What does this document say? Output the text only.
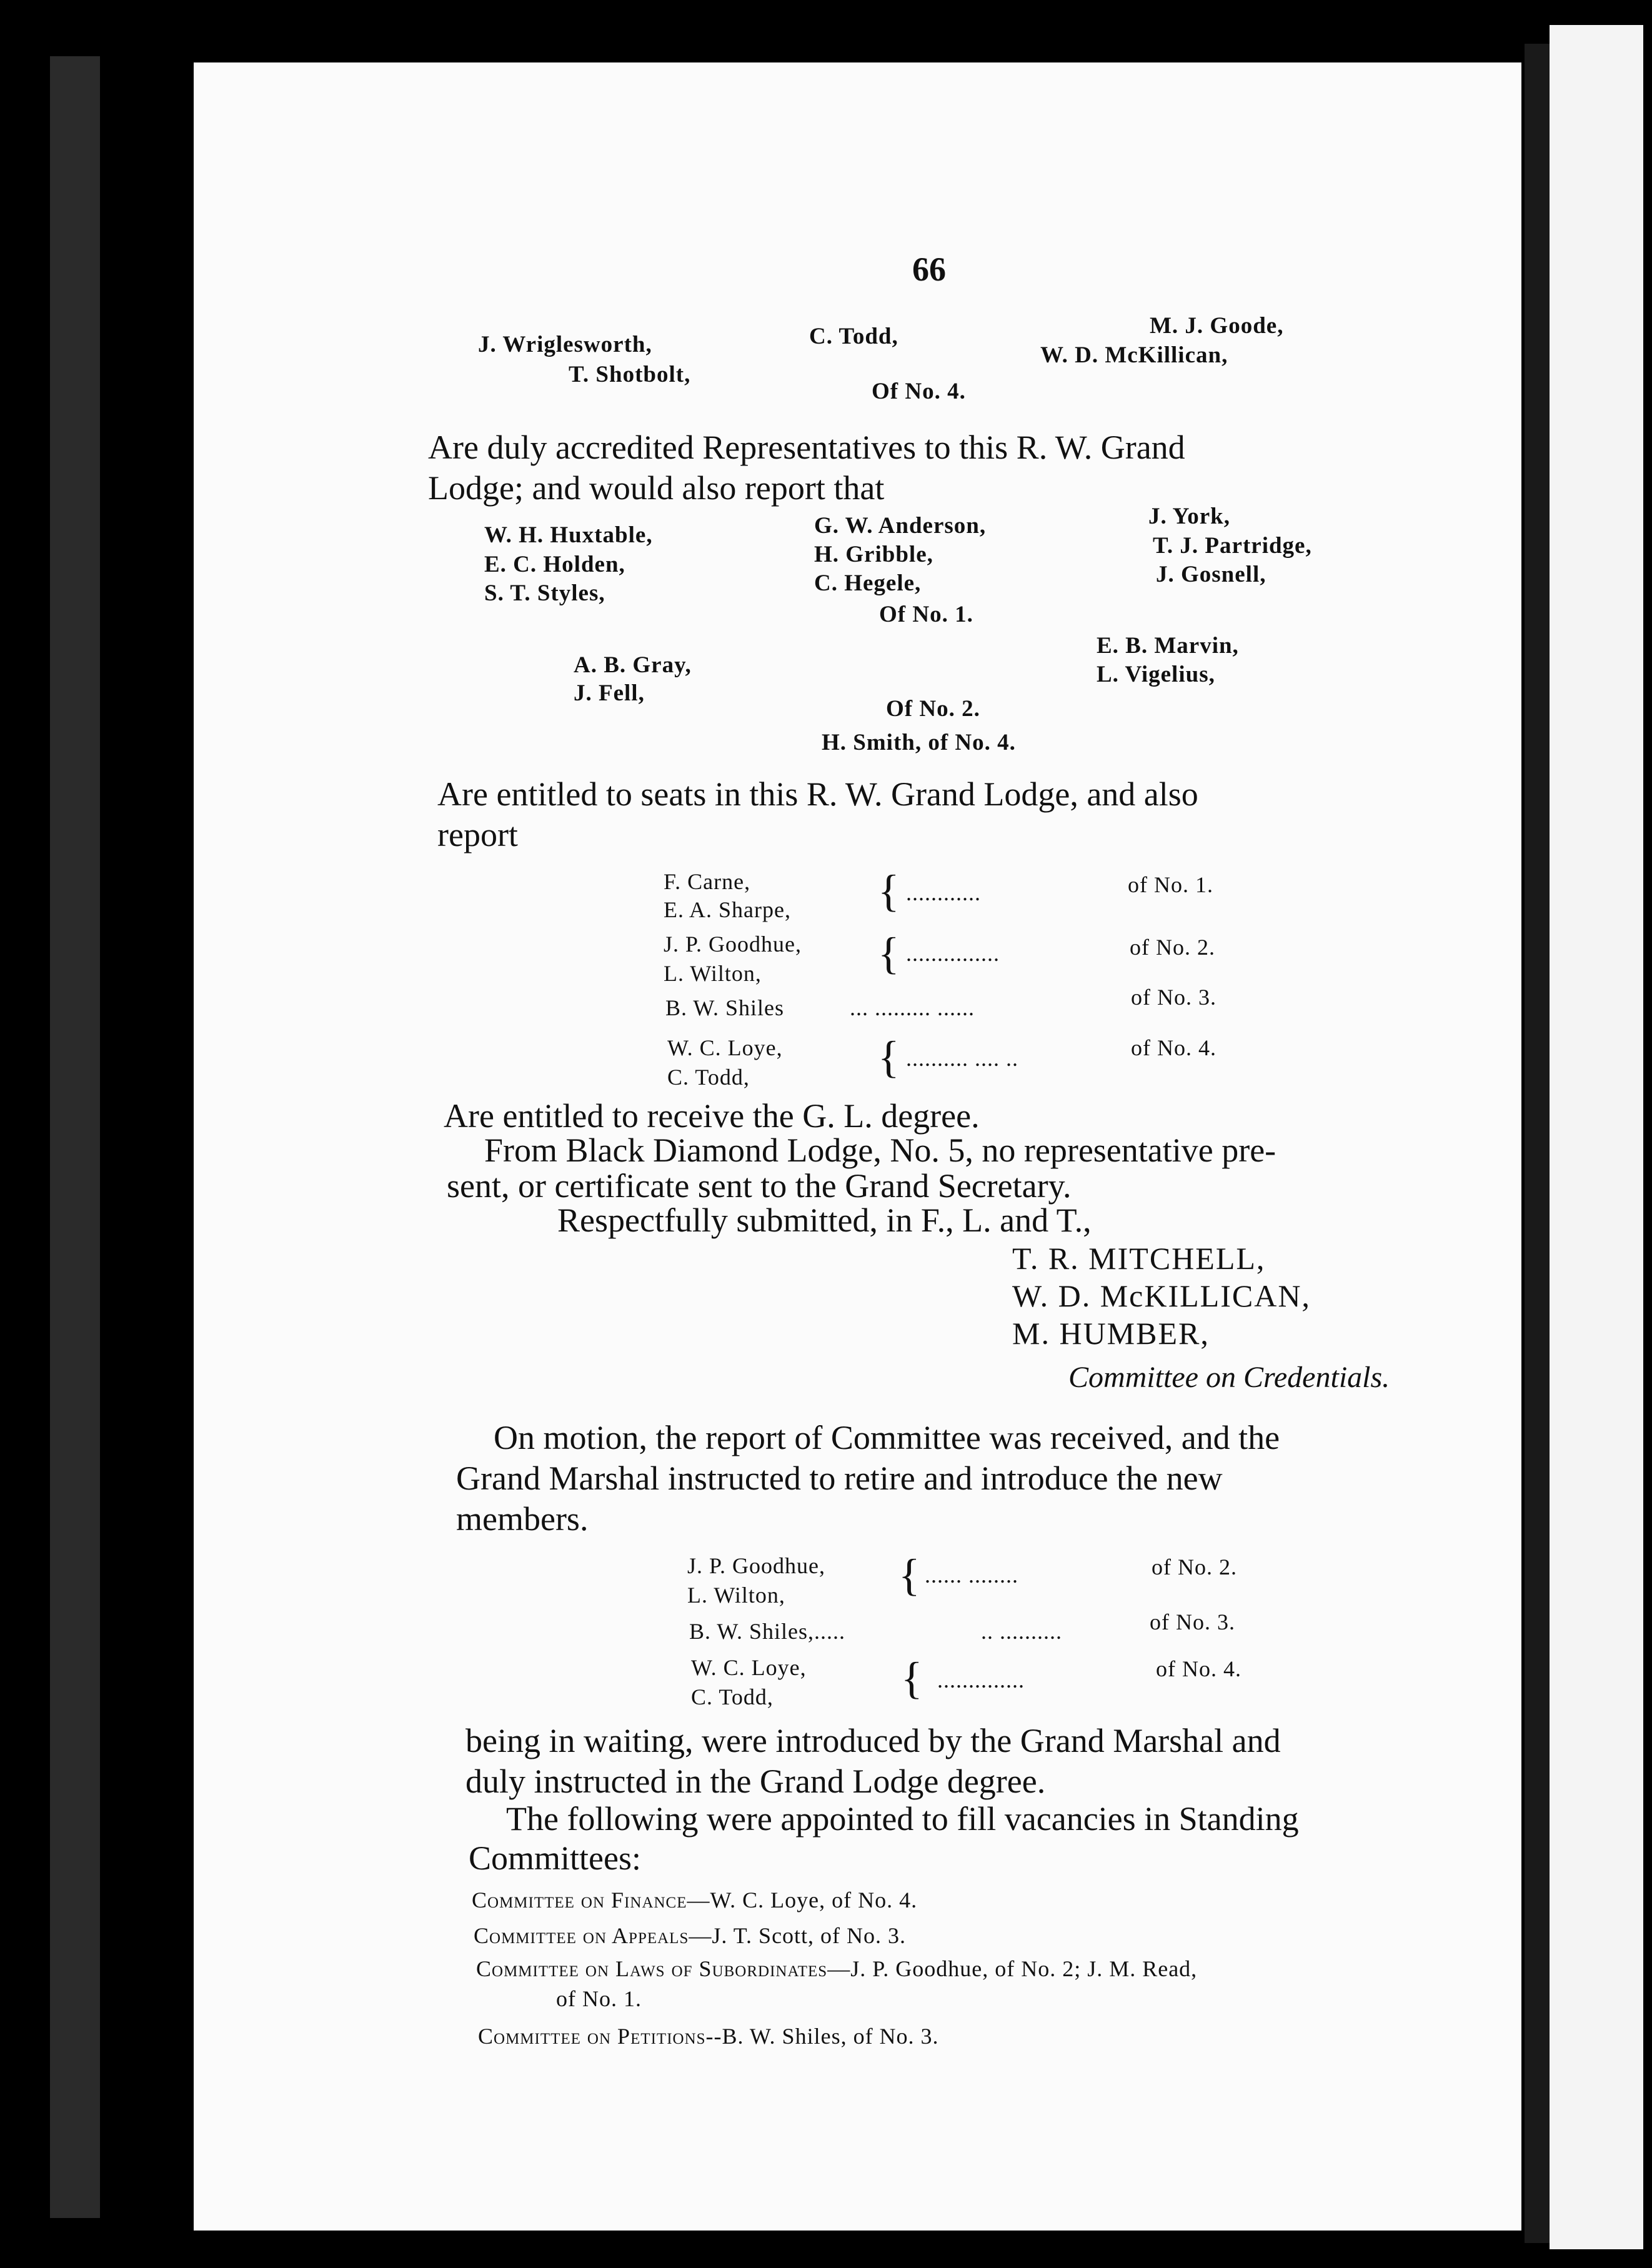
66
J. Wriglesworth,
T. Shotbolt,
C. Todd,	M. J. Goode,
W. D. McKillican,
Of No. 4.
Are duly accredited Representatives to this R. W. Grand
Lodge; and would also report that
W. H. Huxtable,
E. C. Holden,
S. T. Styles,
G. W. Anderson,
H. Gribble,
C. Hegele,
J. York,
T. J. Partridge,
J. Gosnell,
Of No. 1.
A. B. Gray,
J. Fell,
E. B. Marvin,
L. Vigelius,
Of No. 2.
H. Smith, of No. 4.
Are entitled to seats in this R. W. Grand Lodge, and also
report
F. Carne,
E. A. Sharpe, { ............	of No. 1.
J. P. Goodhue,
L. Wilton,	{ ...............	of No. 2.
B. W. Shiles	... ......... ......	of No. 3.
W. C. Loye,
C. Todd,	{ .......... .... ..	of No. 4.
Are entitled to receive the G. L. degree.
From Black Diamond Lodge, No. 5, no representative pre-
sent, or certificate sent to the Grand Secretary.
Respectfully submitted, in F., L. and T.,
T. R. MITCHELL,
W. D. McKILLICAN,
M. HUMBER,
Committee on Credentials.
On motion, the report of Committee was received, and the
Grand Marshal instructed to retire and introduce the new
members.
J. P. Goodhue,
L. Wilton,	{ ...... ........	of No. 2.
B. W. Shiles,.....	.. ..........	of No. 3.
W. C. Loye,
C. Todd,	{ ..............	of No. 4.
being in waiting, were introduced by the Grand Marshal and
duly instructed in the Grand Lodge degree.
The following were appointed to fill vacancies in Standing
Committees:
Committee on Finance—W. C. Loye, of No. 4.
Committee on Appeals—J. T. Scott, of No. 3.
Committee on Laws of Subordinates—J. P. Goodhue, of No. 2; J. M. Read,
of No. 1.
Committee on Petitions--B. W. Shiles, of No. 3.
